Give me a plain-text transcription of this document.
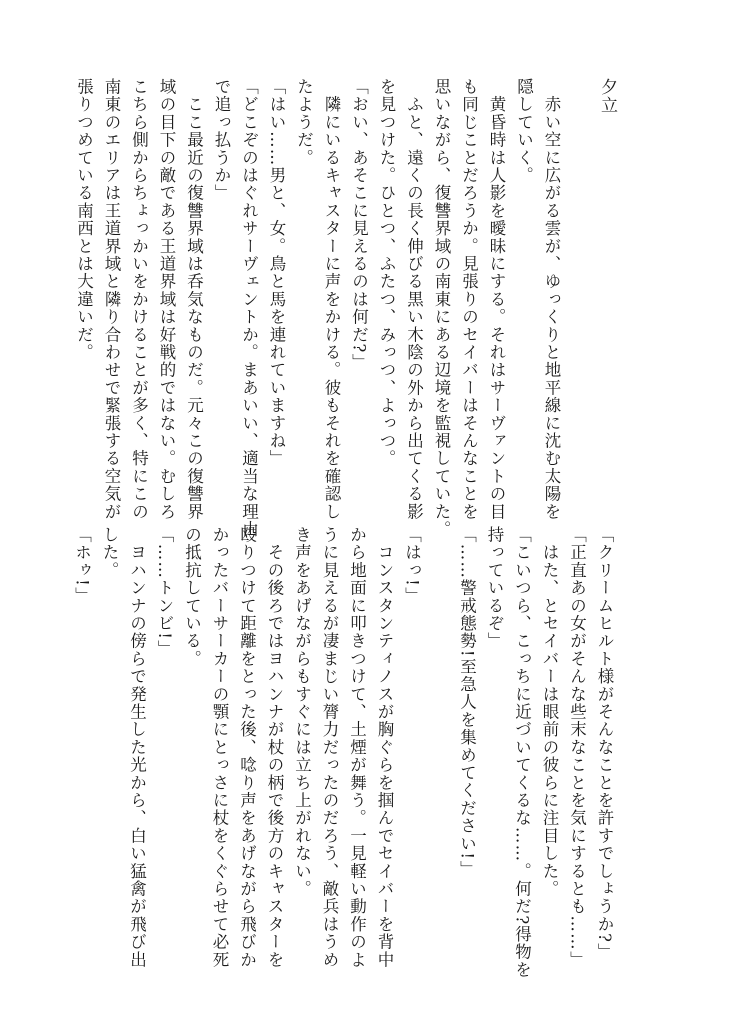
夕立
　赤い空に広がる雲が、ゆっくりと地平線に沈む太陽を
隠していく。
　黄昏時は人影を曖昧にする。それはサーヴァントの目
も同じことだろうか。見張りのセイバーはそんなことを
思いながら、復讐界域の南東にある辺境を監視していた。
　ふと、遠くの長く伸びる黒い木陰の外から出てくる影
を見つけた。ひとつ、ふたつ、みっつ、よっつ。
「おい、あそこに見えるのは何だ?」
　隣にいるキャスターに声をかける。彼もそれを確認し
たようだ。
「はい……男と、女。鳥と馬を連れていますね」
「どこぞのはぐれサーヴェントか。まあいい、適当な理由
で追っ払うか」
　ここ最近の復讐界域は呑気なものだ。元々この復讐界
域の目下の敵である王道界域は好戦的ではない。むしろ
こちら側からちょっかいをかけることが多く、特にこの
南東のエリアは王道界域と隣り合わせで緊張する空気が
張りつめている南西とは大違いだ。
「クリームヒルト様がそんなことを許すでしょうか?」
「正直あの女がそんな些末なことを気にするとも……」
　はた、とセイバーは眼前の彼らに注目した。
「こいつら、こっちに近づいてくるな……。何だ?得物を
持っているぞ」
「……警戒態勢!至急人を集めてください!」
「はっ!」
　コンスタンティノスが胸ぐらを掴んでセイバーを背中
から地面に叩きつけて、土煙が舞う。一見軽い動作のよ
うに見えるが凄まじい膂力だったのだろう、敵兵はうめ
き声をあげながらもすぐには立ち上がれない。
　その後ろではヨハンナが杖の柄で後方のキャスターを
殴りつけて距離をとった後、唸り声をあげながら飛びか
かったバーサーカーの顎にとっさに杖をくぐらせて必死
の抵抗している。
「……トンビ!」
　ヨハンナの傍らで発生した光から、白い猛禽が飛び出
した。
「ホゥ!」
